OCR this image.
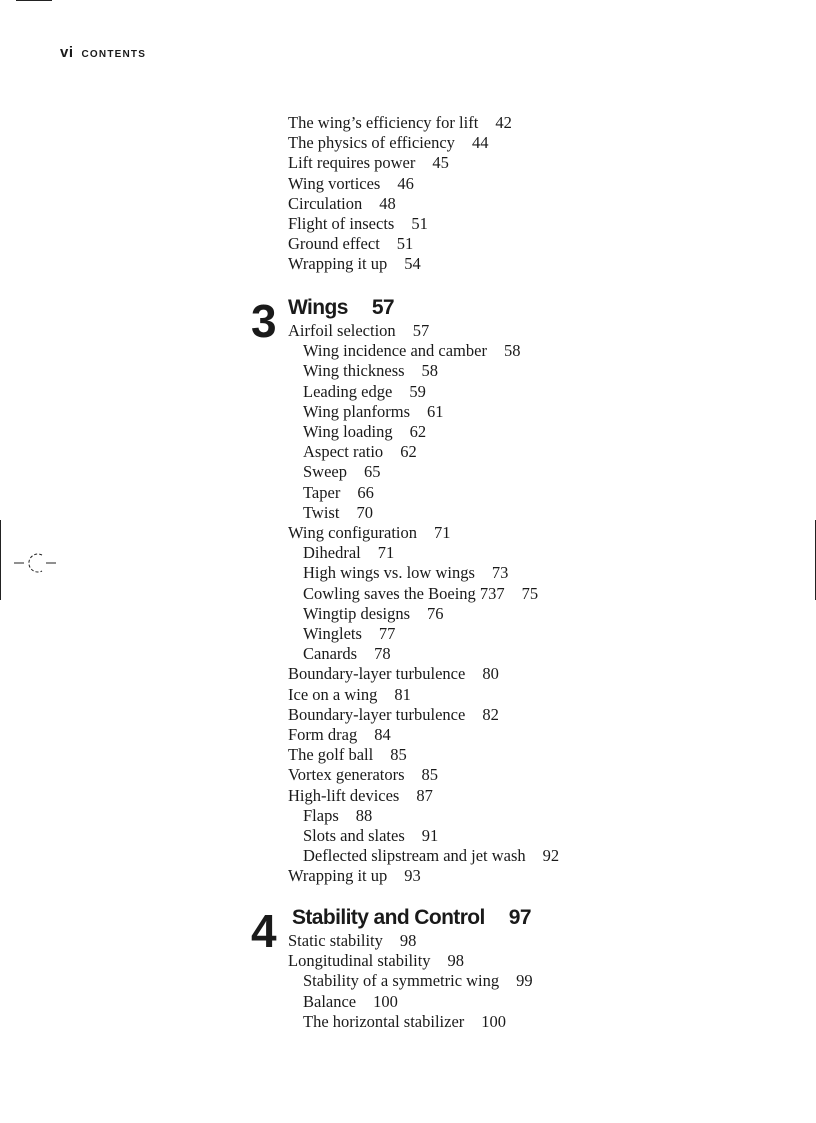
vi CONTENTS
The wing’s efficiency for lift 42
The physics of efficiency 44
Lift requires power 45
Wing vortices 46
Circulation 48
Flight of insects 51
Ground effect 51
Wrapping it up 54
3 Wings 57
Airfoil selection 57
Wing incidence and camber 58
Wing thickness 58
Leading edge 59
Wing planforms 61
Wing loading 62
Aspect ratio 62
Sweep 65
Taper 66
Twist 70
Wing configuration 71
Dihedral 71
High wings vs. low wings 73
Cowling saves the Boeing 737 75
Wingtip designs 76
Winglets 77
Canards 78
Boundary-layer turbulence 80
Ice on a wing 81
Boundary-layer turbulence 82
Form drag 84
The golf ball 85
Vortex generators 85
High-lift devices 87
Flaps 88
Slots and slates 91
Deflected slipstream and jet wash 92
Wrapping it up 93
4 Stability and Control 97
Static stability 98
Longitudinal stability 98
Stability of a symmetric wing 99
Balance 100
The horizontal stabilizer 100
